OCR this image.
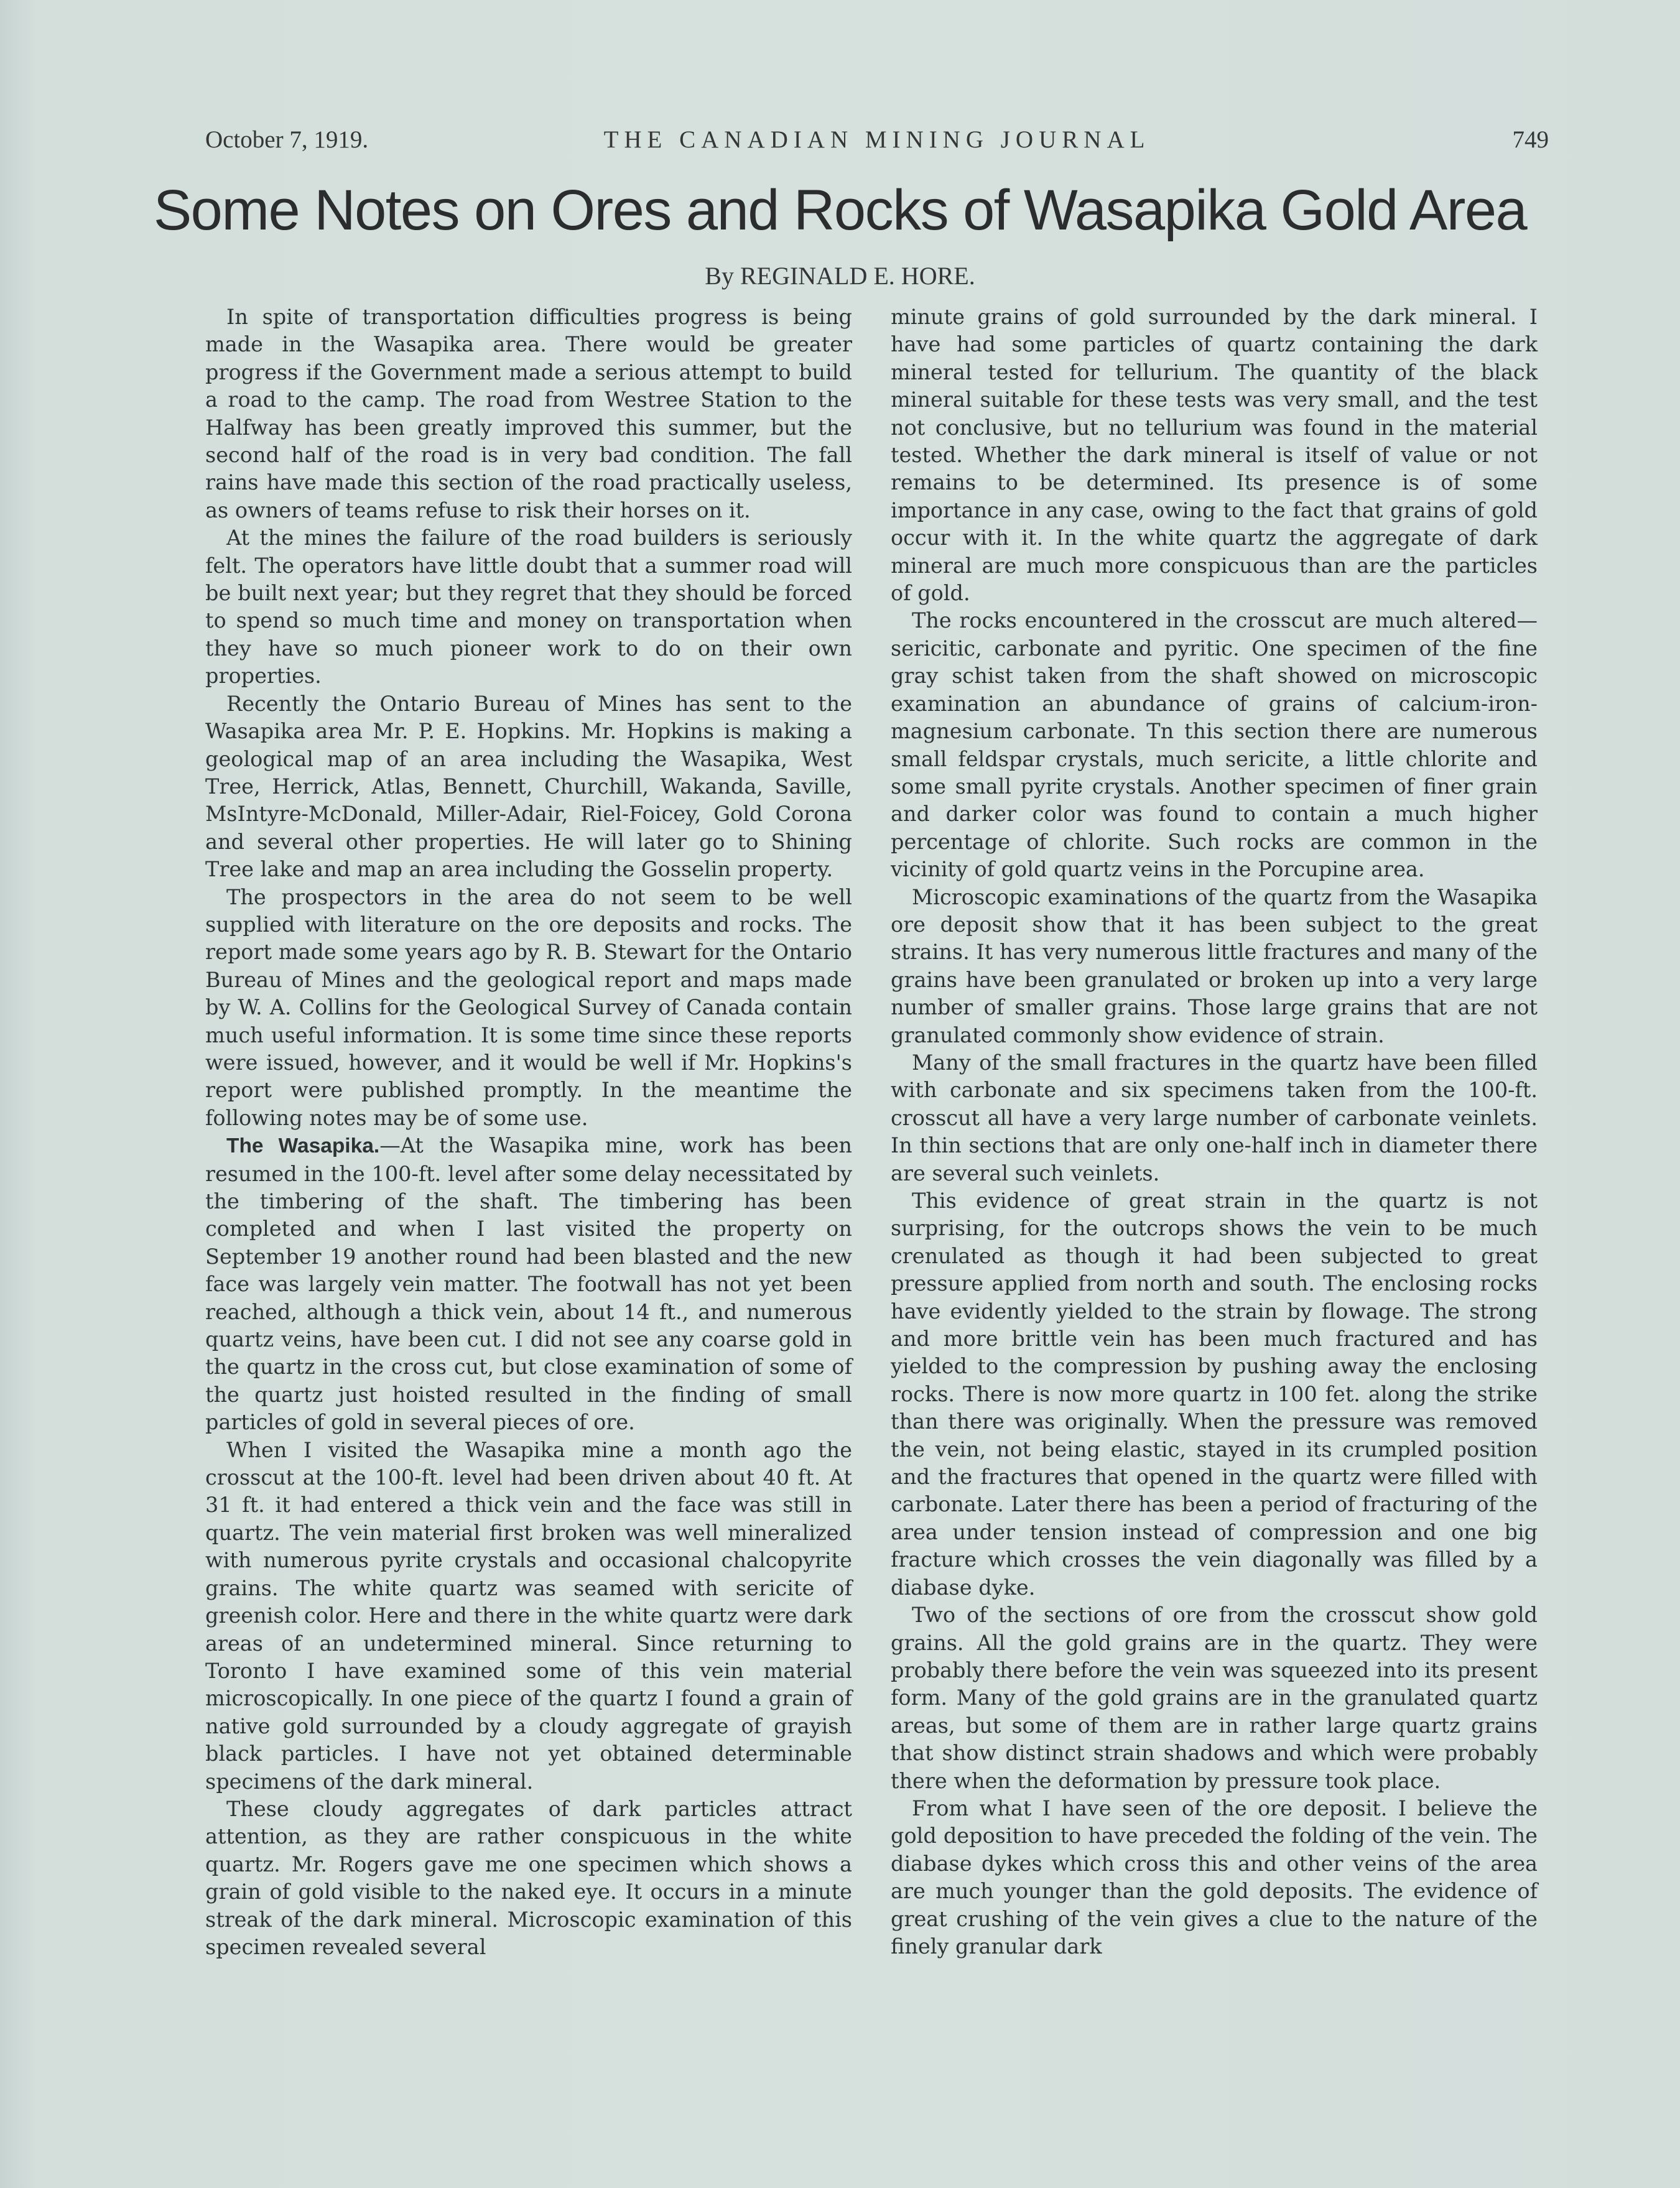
October 7, 1919.	THE CANADIAN MINING JOURNAL	749
Some Notes on Ores and Rocks of Wasapika Gold Area
By REGINALD E. HORE.

In spite of transportation difficulties progress is being made in the Wasapika area. There would be greater progress if the Government made a serious attempt to build a road to the camp. The road from Westree Station to the Halfway has been greatly improved this summer, but the second half of the road is in very bad condition. The fall rains have made this section of the road practically useless, as owners of teams refuse to risk their horses on it.

At the mines the failure of the road builders is seriously felt. The operators have little doubt that a summer road will be built next year; but they regret that they should be forced to spend so much time and money on transportation when they have so much pioneer work to do on their own properties.

Recently the Ontario Bureau of Mines has sent to the Wasapika area Mr. P. E. Hopkins. Mr. Hopkins is making a geological map of an area including the Wasapika, West Tree, Herrick, Atlas, Bennett, Churchill, Wakanda, Saville, MsIntyre-McDonald, Miller-Adair, Riel-Foicey, Gold Corona and several other properties. He will later go to Shining Tree lake and map an area including the Gosselin property.

The prospectors in the area do not seem to be well supplied with literature on the ore deposits and rocks. The report made some years ago by R. B. Stewart for the Ontario Bureau of Mines and the geological report and maps made by W. A. Collins for the Geological Survey of Canada contain much useful information. It is some time since these reports were issued, however, and it would be well if Mr. Hopkins's report were published promptly. In the meantime the following notes may be of some use.

The Wasapika.—At the Wasapika mine, work has been resumed in the 100-ft. level after some delay necessitated by the timbering of the shaft. The timbering has been completed and when I last visited the property on September 19 another round had been blasted and the new face was largely vein matter. The footwall has not yet been reached, although a thick vein, about 14 ft., and numerous quartz veins, have been cut. I did not see any coarse gold in the quartz in the cross cut, but close examination of some of the quartz just hoisted resulted in the finding of small particles of gold in several pieces of ore.

When I visited the Wasapika mine a month ago the crosscut at the 100-ft. level had been driven about 40 ft. At 31 ft. it had entered a thick vein and the face was still in quartz. The vein material first broken was well mineralized with numerous pyrite crystals and occasional chalcopyrite grains. The white quartz was seamed with sericite of greenish color. Here and there in the white quartz were dark areas of an undetermined mineral. Since returning to Toronto I have examined some of this vein material microscopically. In one piece of the quartz I found a grain of native gold surrounded by a cloudy aggregate of grayish black particles. I have not yet obtained determinable specimens of the dark mineral.

These cloudy aggregates of dark particles attract attention, as they are rather conspicuous in the white quartz. Mr. Rogers gave me one specimen which shows a grain of gold visible to the naked eye. It occurs in a minute streak of the dark mineral. Microscopic examination of this specimen revealed several

minute grains of gold surrounded by the dark mineral. I have had some particles of quartz containing the dark mineral tested for tellurium. The quantity of the black mineral suitable for these tests was very small, and the test not conclusive, but no tellurium was found in the material tested. Whether the dark mineral is itself of value or not remains to be determined. Its presence is of some importance in any case, owing to the fact that grains of gold occur with it. In the white quartz the aggregate of dark mineral are much more conspicuous than are the particles of gold.

The rocks encountered in the crosscut are much altered—sericitic, carbonate and pyritic. One specimen of the fine gray schist taken from the shaft showed on microscopic examination an abundance of grains of calcium-iron-magnesium carbonate. Tn this section there are numerous small feldspar crystals, much sericite, a little chlorite and some small pyrite crystals. Another specimen of finer grain and darker color was found to contain a much higher percentage of chlorite. Such rocks are common in the vicinity of gold quartz veins in the Porcupine area.

Microscopic examinations of the quartz from the Wasapika ore deposit show that it has been subject to the great strains. It has very numerous little fractures and many of the grains have been granulated or broken up into a very large number of smaller grains. Those large grains that are not granulated commonly show evidence of strain.

Many of the small fractures in the quartz have been filled with carbonate and six specimens taken from the 100-ft. crosscut all have a very large number of carbonate veinlets. In thin sections that are only one-half inch in diameter there are several such veinlets.

This evidence of great strain in the quartz is not surprising, for the outcrops shows the vein to be much crenulated as though it had been subjected to great pressure applied from north and south. The enclosing rocks have evidently yielded to the strain by flowage. The strong and more brittle vein has been much fractured and has yielded to the compression by pushing away the enclosing rocks. There is now more quartz in 100 fet. along the strike than there was originally. When the pressure was removed the vein, not being elastic, stayed in its crumpled position and the fractures that opened in the quartz were filled with carbonate. Later there has been a period of fracturing of the area under tension instead of compression and one big fracture which crosses the vein diagonally was filled by a diabase dyke.

Two of the sections of ore from the crosscut show gold grains. All the gold grains are in the quartz. They were probably there before the vein was squeezed into its present form. Many of the gold grains are in the granulated quartz areas, but some of them are in rather large quartz grains that show distinct strain shadows and which were probably there when the deformation by pressure took place.

From what I have seen of the ore deposit. I believe the gold deposition to have preceded the folding of the vein. The diabase dykes which cross this and other veins of the area are much younger than the gold deposits. The evidence of great crushing of the vein gives a clue to the nature of the finely granular dark
